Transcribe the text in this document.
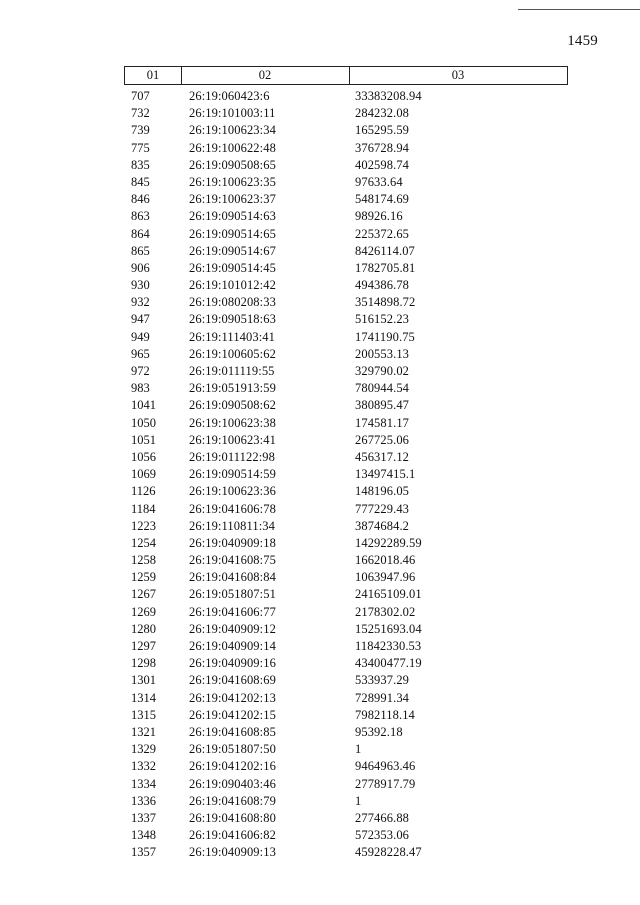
1459
01	02	03
707	26:19:060423:6	33383208.94
732	26:19:101003:11	284232.08
739	26:19:100623:34	165295.59
775	26:19:100622:48	376728.94
835	26:19:090508:65	402598.74
845	26:19:100623:35	97633.64
846	26:19:100623:37	548174.69
863	26:19:090514:63	98926.16
864	26:19:090514:65	225372.65
865	26:19:090514:67	8426114.07
906	26:19:090514:45	1782705.81
930	26:19:101012:42	494386.78
932	26:19:080208:33	3514898.72
947	26:19:090518:63	516152.23
949	26:19:111403:41	1741190.75
965	26:19:100605:62	200553.13
972	26:19:011119:55	329790.02
983	26:19:051913:59	780944.54
1041	26:19:090508:62	380895.47
1050	26:19:100623:38	174581.17
1051	26:19:100623:41	267725.06
1056	26:19:011122:98	456317.12
1069	26:19:090514:59	13497415.1
1126	26:19:100623:36	148196.05
1184	26:19:041606:78	777229.43
1223	26:19:110811:34	3874684.2
1254	26:19:040909:18	14292289.59
1258	26:19:041608:75	1662018.46
1259	26:19:041608:84	1063947.96
1267	26:19:051807:51	24165109.01
1269	26:19:041606:77	2178302.02
1280	26:19:040909:12	15251693.04
1297	26:19:040909:14	11842330.53
1298	26:19:040909:16	43400477.19
1301	26:19:041608:69	533937.29
1314	26:19:041202:13	728991.34
1315	26:19:041202:15	7982118.14
1321	26:19:041608:85	95392.18
1329	26:19:051807:50	1
1332	26:19:041202:16	9464963.46
1334	26:19:090403:46	2778917.79
1336	26:19:041608:79	1
1337	26:19:041608:80	277466.88
1348	26:19:041606:82	572353.06
1357	26:19:040909:13	45928228.47
